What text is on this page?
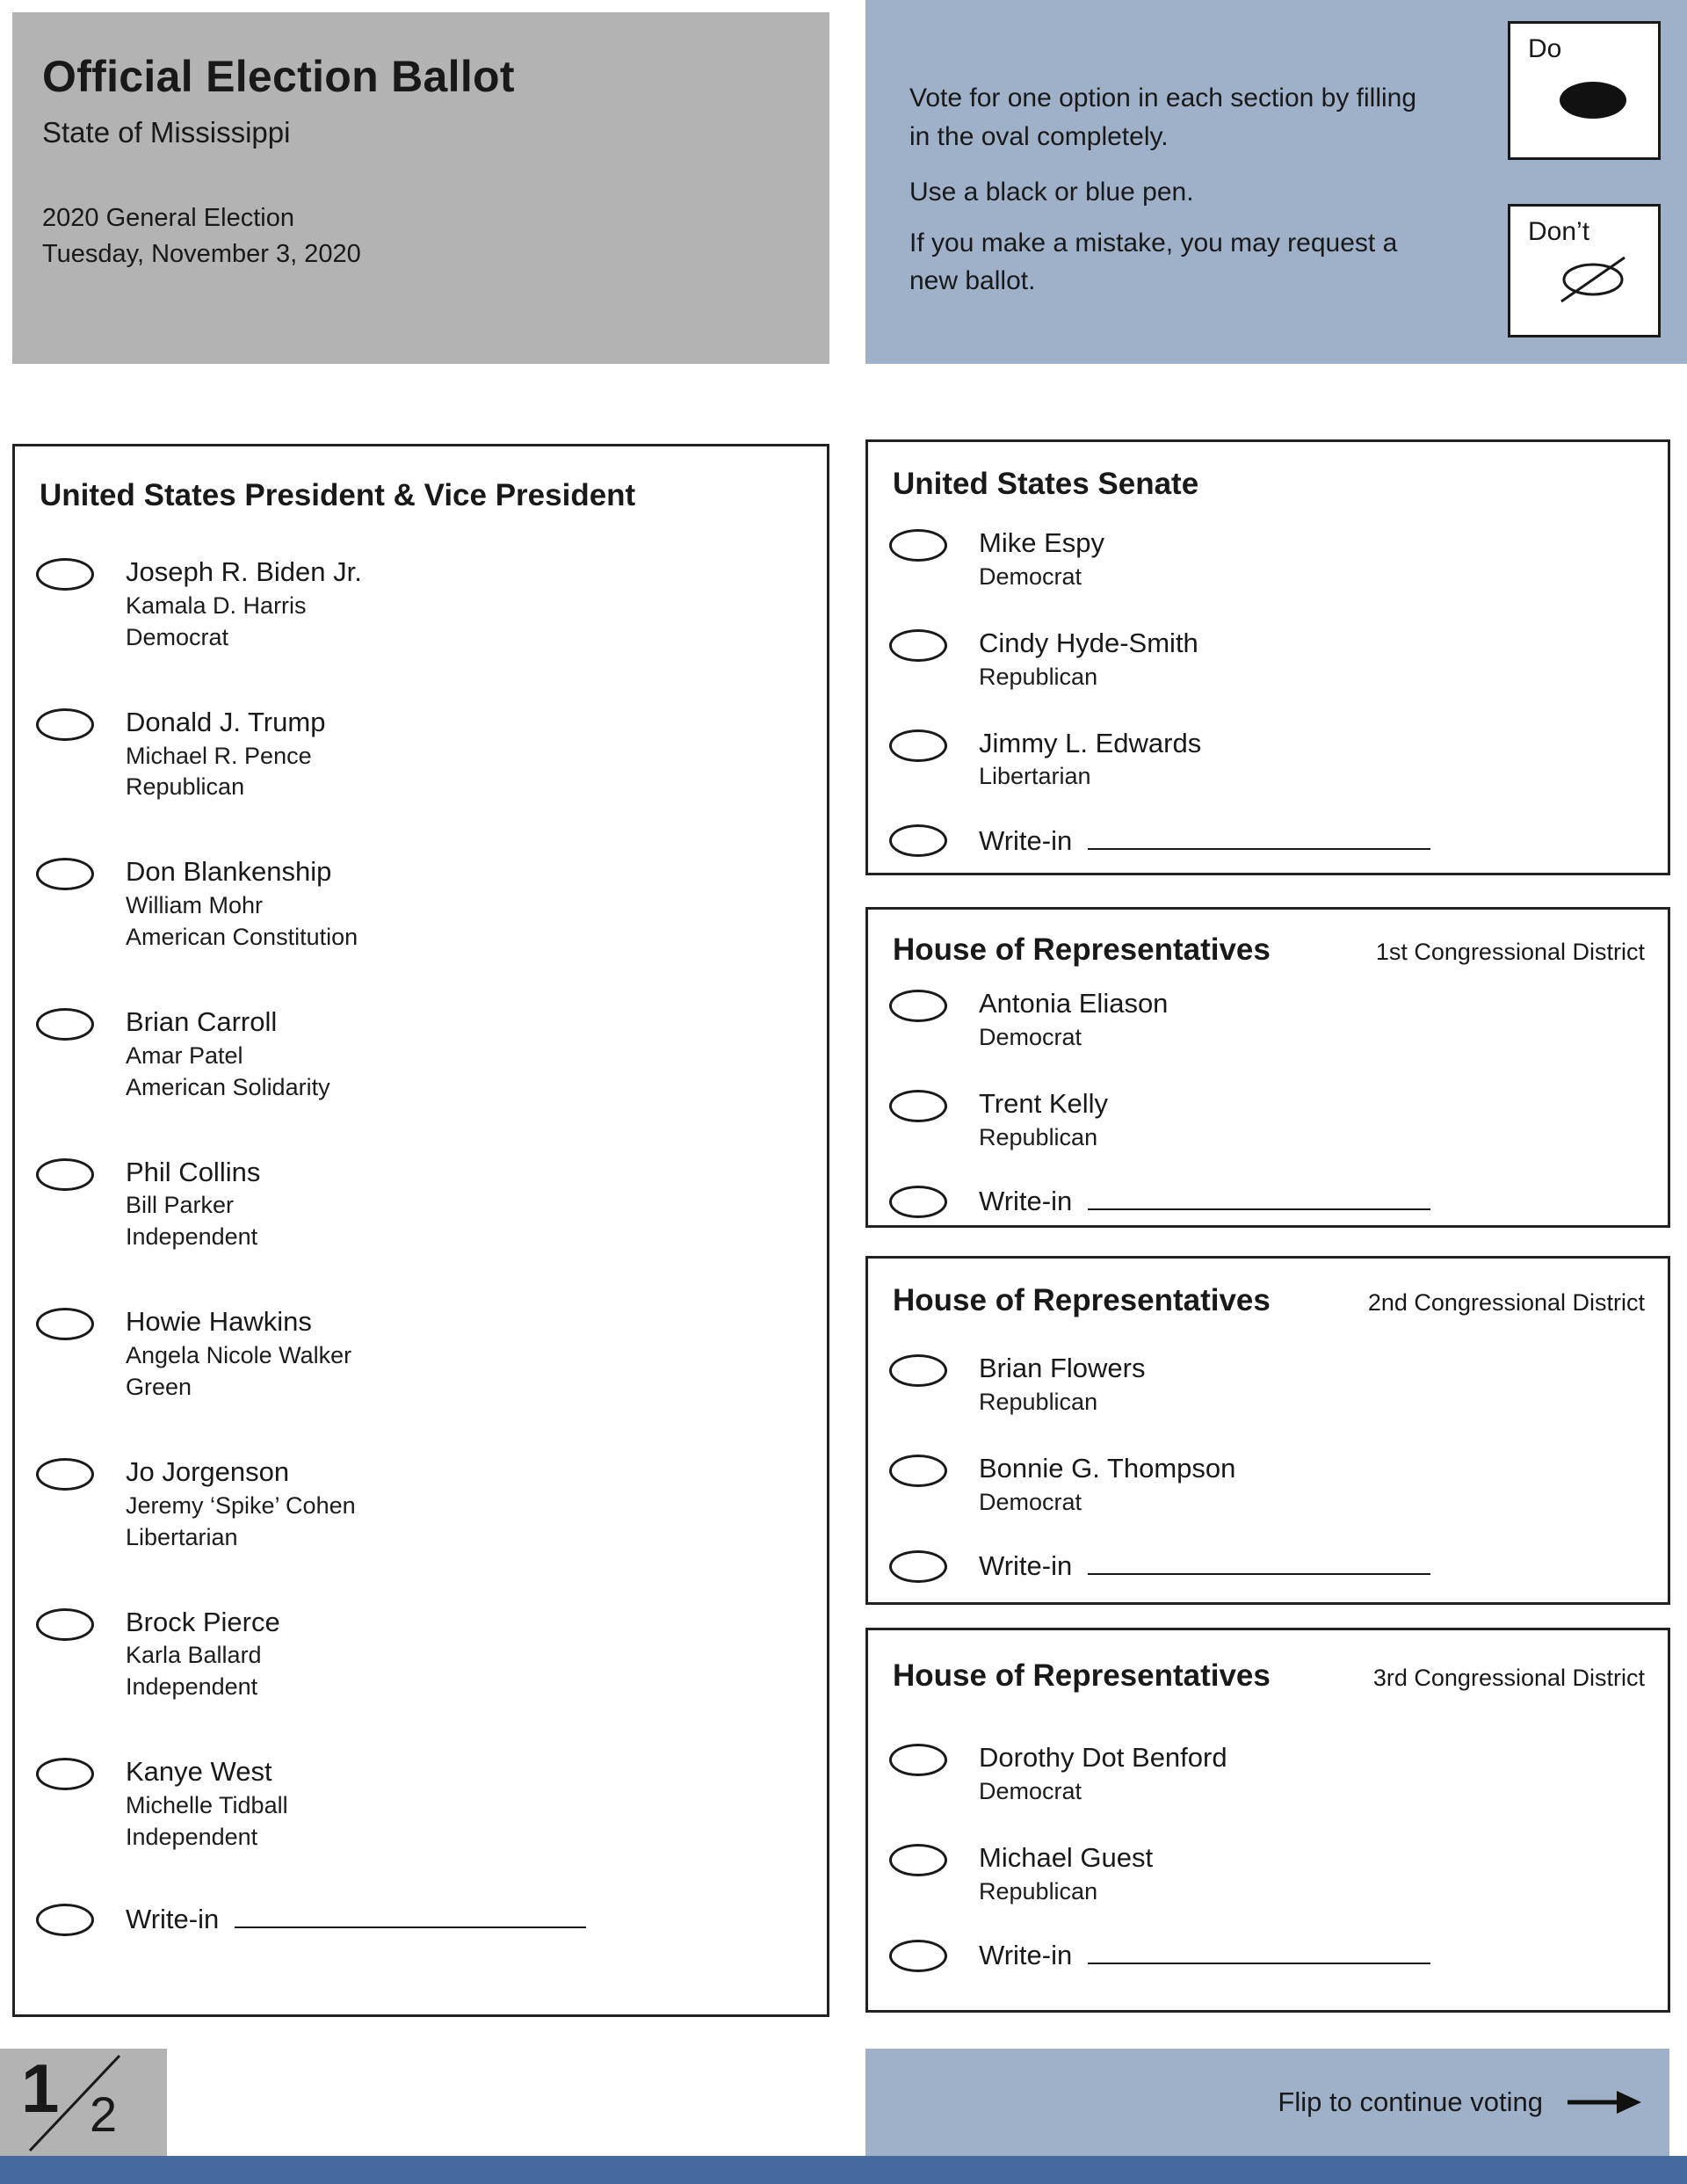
Official Election Ballot
State of Mississippi
2020 General Election
Tuesday, November 3, 2020

Vote for one option in each section by filling in the oval completely.

Use a black or blue pen.

If you make a mistake, you may request a new ballot.

Do
Don’t
United States President & Vice President
Joseph R. Biden Jr.
Kamala D. Harris
Democrat
Donald J. Trump
Michael R. Pence
Republican
Don Blankenship
William Mohr
American Constitution
Brian Carroll
Amar Patel
American Solidarity
Phil Collins
Bill Parker
Independent
Howie Hawkins
Angela Nicole Walker
Green
Jo Jorgenson
Jeremy ‘Spike’ Cohen
Libertarian
Brock Pierce
Karla Ballard
Independent
Kanye West
Michelle Tidball
Independent
Write-in
United States Senate
Mike Espy
Democrat
Cindy Hyde-Smith
Republican
Jimmy L. Edwards
Libertarian
Write-in
House of Representatives	1st Congressional District
Antonia Eliason
Democrat
Trent Kelly
Republican
Write-in
House of Representatives	2nd Congressional District
Brian Flowers
Republican
Bonnie G. Thompson
Democrat
Write-in
House of Representatives	3rd Congressional District
Dorothy Dot Benford
Democrat
Michael Guest
Republican
Write-in
1 2	Flip to continue voting
